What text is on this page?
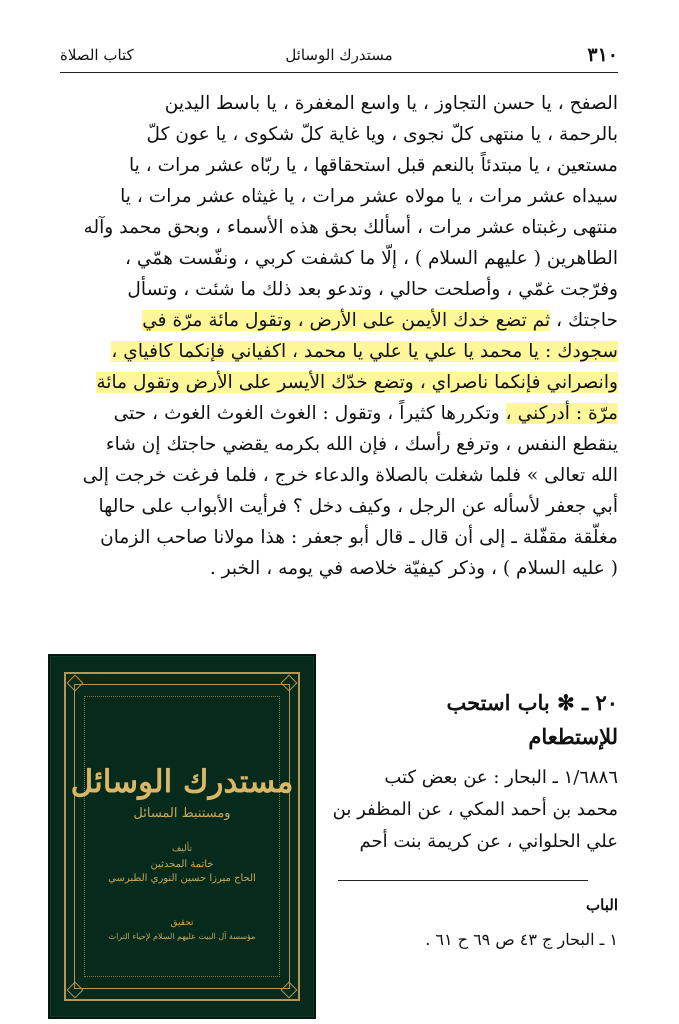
٣١٠
مستدرك الوسائل
كتاب الصلاة
الصفح ، يا حسن التجاوز ، يا واسع المغفرة ، يا باسط اليدين
بالرحمة ، يا منتهى كلّ نجوى ، ويا غاية كلّ شكوى ، يا عون كلّ
مستعين ، يا مبتدئاً بالنعم قبل استحقاقها ، يا ربّاه عشر مرات ، يا
سيداه عشر مرات ، يا مولاه عشر مرات ، يا غيثاه عشر مرات ، يا
منتهى رغبتاه عشر مرات ، أسألك بحق هذه الأسماء ، وبحق محمد وآله
الطاهرين ( عليهم السلام ) ، إلّا ما كشفت كربي ، ونفّست همّي ،
وفرّجت غمّي ، وأصلحت حالي ، وتدعو بعد ذلك ما شئت ، وتسأل
حاجتك ، ثم تضع خدك الأيمن على الأرض ، وتقول مائة مرّة في
سجودك : يا محمد يا علي يا علي يا محمد ، اكفياني فإنكما كافياي ،
وانصراني فإنكما ناصراي ، وتضع خدّك الأيسر على الأرض وتقول مائة
مرّة : أدركني ، وتكررها كثيراً ، وتقول : الغوث الغوث الغوث ، حتى
ينقطع النفس ، وترفع رأسك ، فإن الله بكرمه يقضي حاجتك إن شاء
الله تعالى » فلما شغلت بالصلاة والدعاء خرج ، فلما فرغت خرجت إلى
أبي جعفر لأسأله عن الرجل ، وكيف دخل ؟ فرأيت الأبواب على حالها
مغلّقة مقفّلة ـ إلى أن قال ـ قال أبو جعفر : هذا مولانا صاحب الزمان
( عليه السلام ) ، وذكر كيفيّة خلاصه في يومه ، الخبر .
٢٠ ـ ✻ باب استحب
للإستطعام
١/٦٨٨٦ ـ البحار : عن بعض كتب
محمد بن أحمد المكي ، عن المظفر بن
علي الحلواني ، عن كريمة بنت أحم
الباب
١ ـ البحار ج ٤٣ ص ٦٩ ح ٦١ .
مستدرك الوسائل
ومستنبط المسائل
تأليف
خاتمة المحدثين
الحاج ميرزا حسين النوري الطبرسي
تحقيق
مؤسسة آل البيت عليهم السلام لإحياء التراث
